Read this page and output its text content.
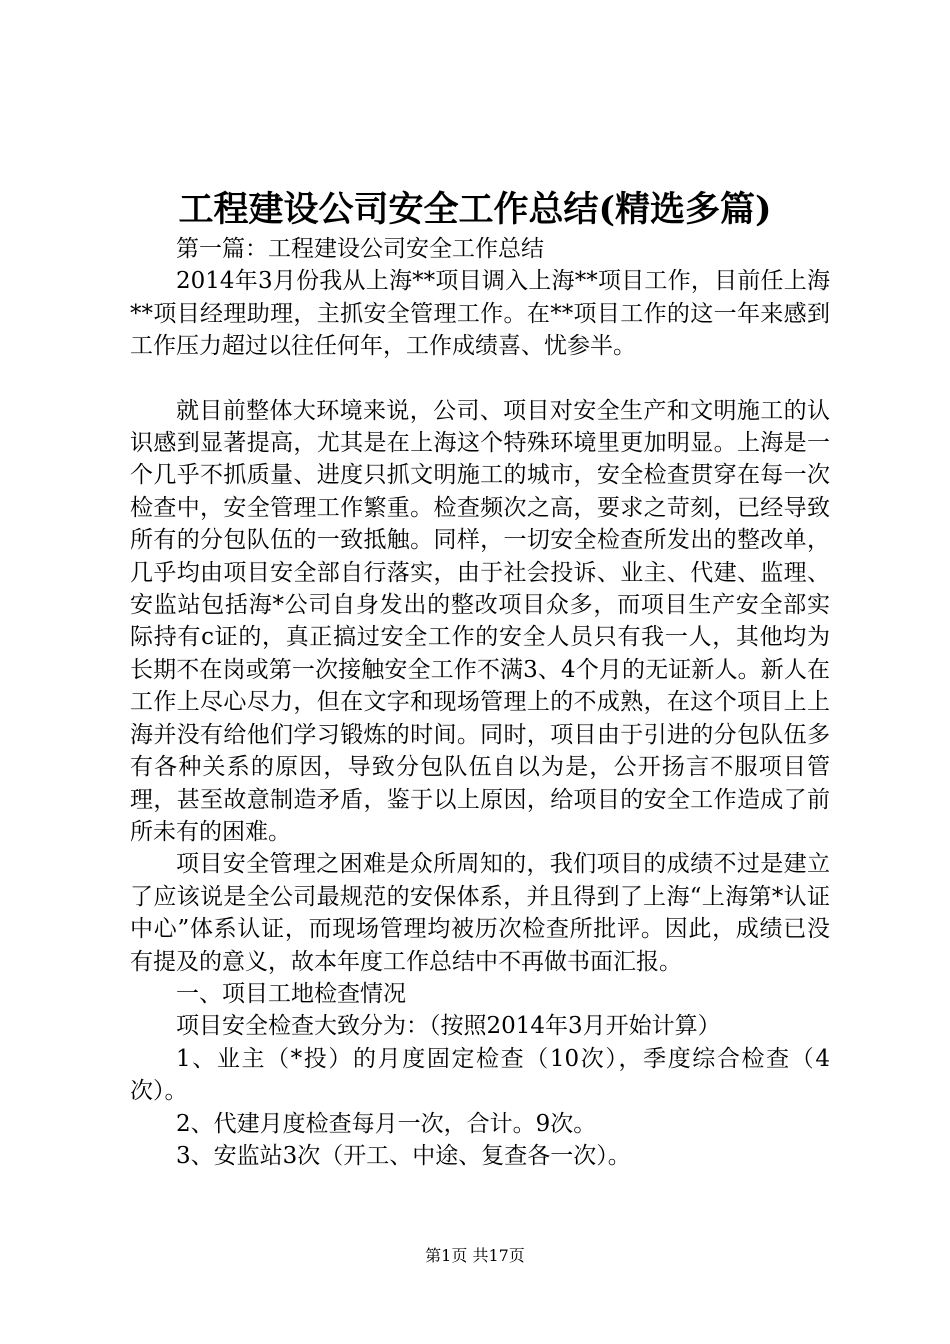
工程建设公司安全工作总结(精选多篇)

第一篇：工程建设公司安全工作总结

2014年3月份我从上海**项目调入上海**项目工作，目前任上海**项目经理助理，主抓安全管理工作。在**项目工作的这一年来感到工作压力超过以往任何年，工作成绩喜、忧参半。

就目前整体大环境来说，公司、项目对安全生产和文明施工的认识感到显著提高，尤其是在上海这个特殊环境里更加明显。上海是一个几乎不抓质量、进度只抓文明施工的城市，安全检查贯穿在每一次检查中，安全管理工作繁重。检查频次之高，要求之苛刻，已经导致所有的分包队伍的一致抵触。同样，一切安全检查所发出的整改单，几乎均由项目安全部自行落实，由于社会投诉、业主、代建、监理、安监站包括海*公司自身发出的整改项目众多，而项目生产安全部实际持有c证的，真正搞过安全工作的安全人员只有我一人，其他均为长期不在岗或第一次接触安全工作不满3、4个月的无证新人。新人在工作上尽心尽力，但在文字和现场管理上的不成熟，在这个项目上上海并没有给他们学习锻炼的时间。同时，项目由于引进的分包队伍多有各种关系的原因，导致分包队伍自以为是，公开扬言不服项目管理，甚至故意制造矛盾，鉴于以上原因，给项目的安全工作造成了前所未有的困难。

项目安全管理之困难是众所周知的，我们项目的成绩不过是建立了应该说是全公司最规范的安保体系，并且得到了上海“上海第*认证中心”体系认证，而现场管理均被历次检查所批评。因此，成绩已没有提及的意义，故本年度工作总结中不再做书面汇报。

一、项目工地检查情况

项目安全检查大致分为：（按照2014年3月开始计算）

1、业主（*投）的月度固定检查（10次），季度综合检查（4次）。

2、代建月度检查每月一次，合计。9次。

3、安监站3次（开工、中途、复查各一次）。

第1页 共17页
